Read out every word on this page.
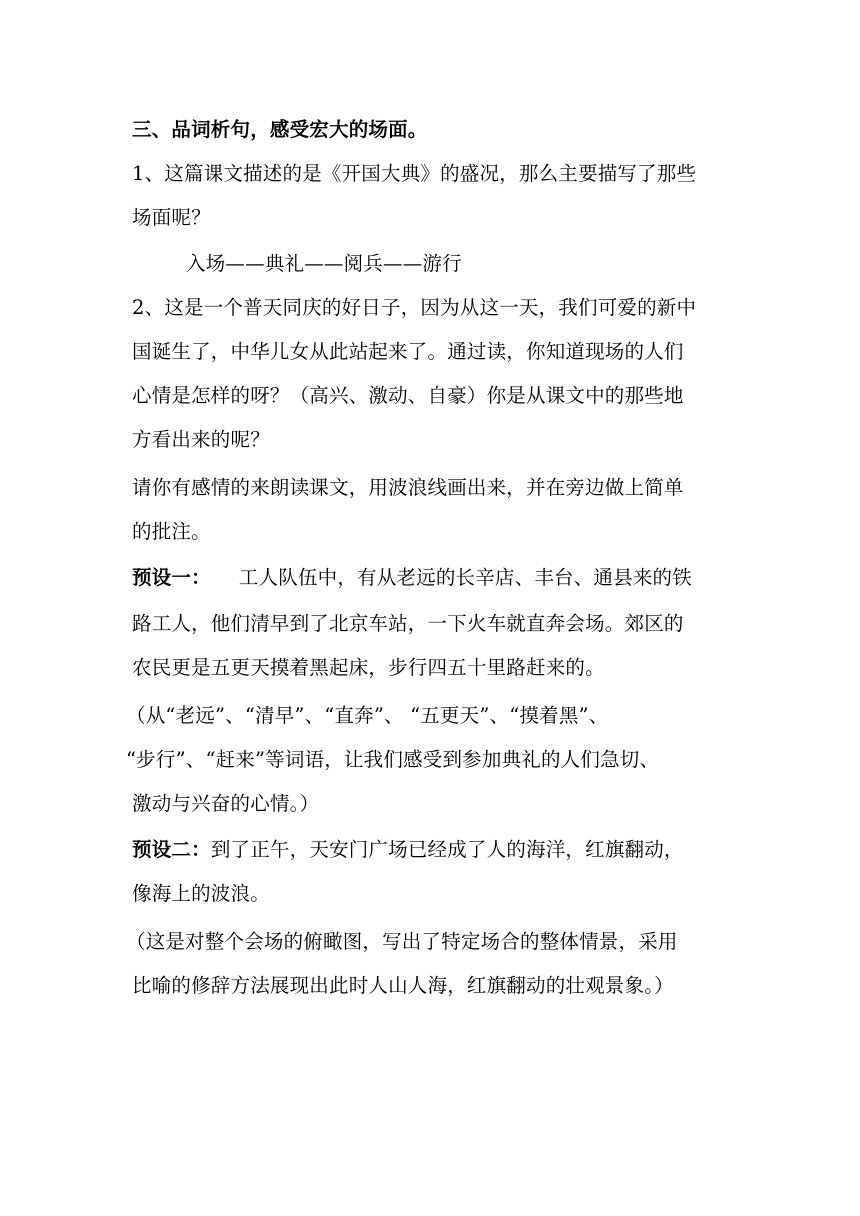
三、品词析句，感受宏大的场面。
1、这篇课文描述的是《开国大典》的盛况，那么主要描写了那些
场面呢？
入场——典礼——阅兵——游行
2、这是一个普天同庆的好日子，因为从这一天，我们可爱的新中
国诞生了，中华儿女从此站起来了。通过读，你知道现场的人们
心情是怎样的呀？（高兴、激动、自豪）你是从课文中的那些地
方看出来的呢？
请你有感情的来朗读课文，用波浪线画出来，并在旁边做上简单
的批注。
预设一： 工人队伍中，有从老远的长辛店、丰台、通县来的铁
路工人，他们清早到了北京车站，一下火车就直奔会场。郊区的
农民更是五更天摸着黑起床，步行四五十里路赶来的。
（从“老远”、“清早”、“直奔”、 “五更天”、“摸着黑”、
“步行”、“赶来”等词语，让我们感受到参加典礼的人们急切、
激动与兴奋的心情。）
预设二：到了正午，天安门广场已经成了人的海洋，红旗翻动，
像海上的波浪。
（这是对整个会场的俯瞰图，写出了特定场合的整体情景，采用
比喻的修辞方法展现出此时人山人海，红旗翻动的壮观景象。）
